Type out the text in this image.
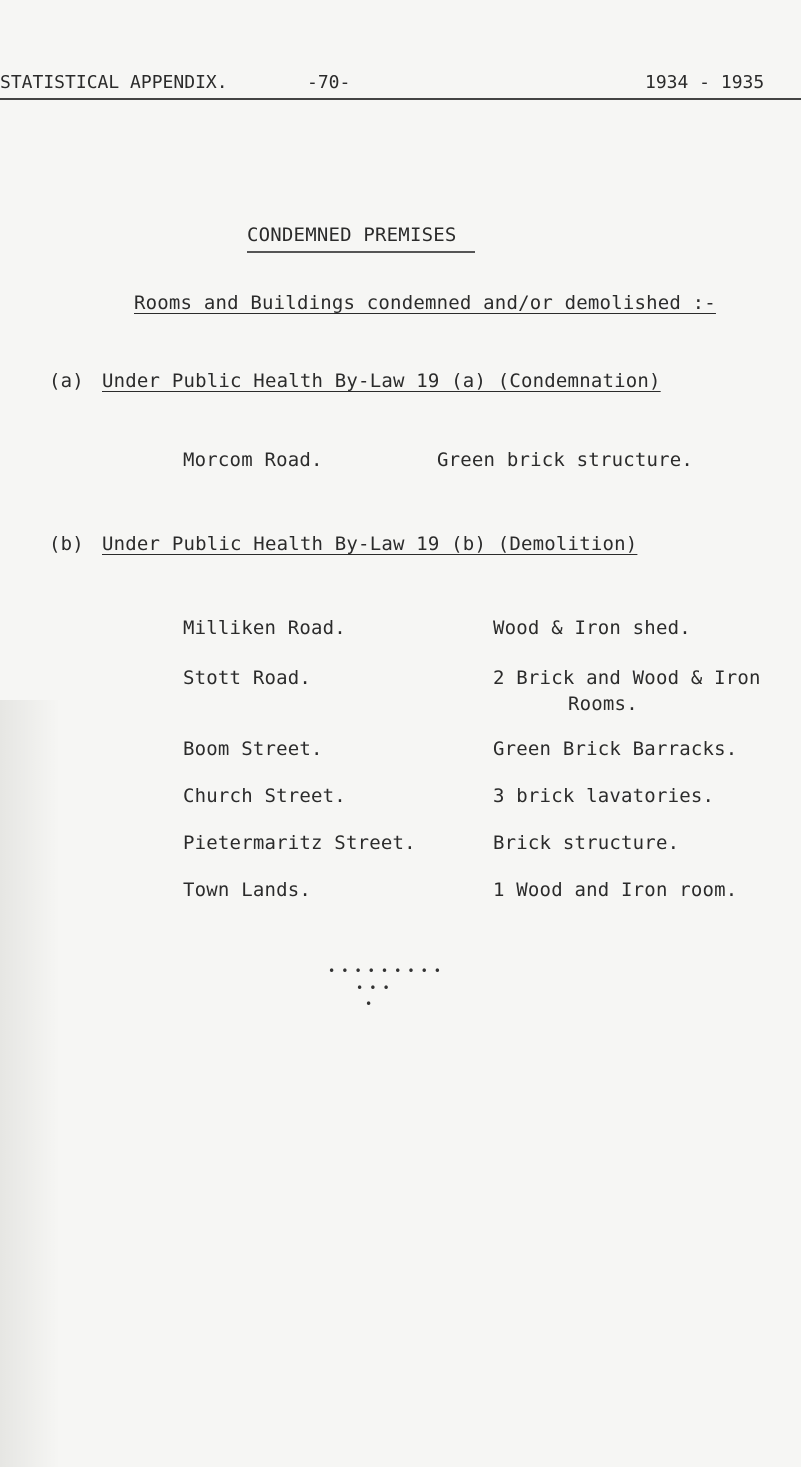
STATISTICAL APPENDIX.	-70-	1934 - 1935
CONDEMNED PREMISES
Rooms and Buildings condemned and/or demolished :-
(a) Under Public Health By-Law 19 (a) (Condemnation)
Morcom Road.	Green brick structure.
(b) Under Public Health By-Law 19 (b) (Demolition)
Milliken Road.	Wood & Iron shed.
Stott Road.	2 Brick and Wood & Iron
Rooms.
Boom Street.	Green Brick Barracks.
Church Street.	3 brick lavatories.
Pietermaritz Street.	Brick structure.
Town Lands.	1 Wood and Iron room.
•••••••••
•••
•
